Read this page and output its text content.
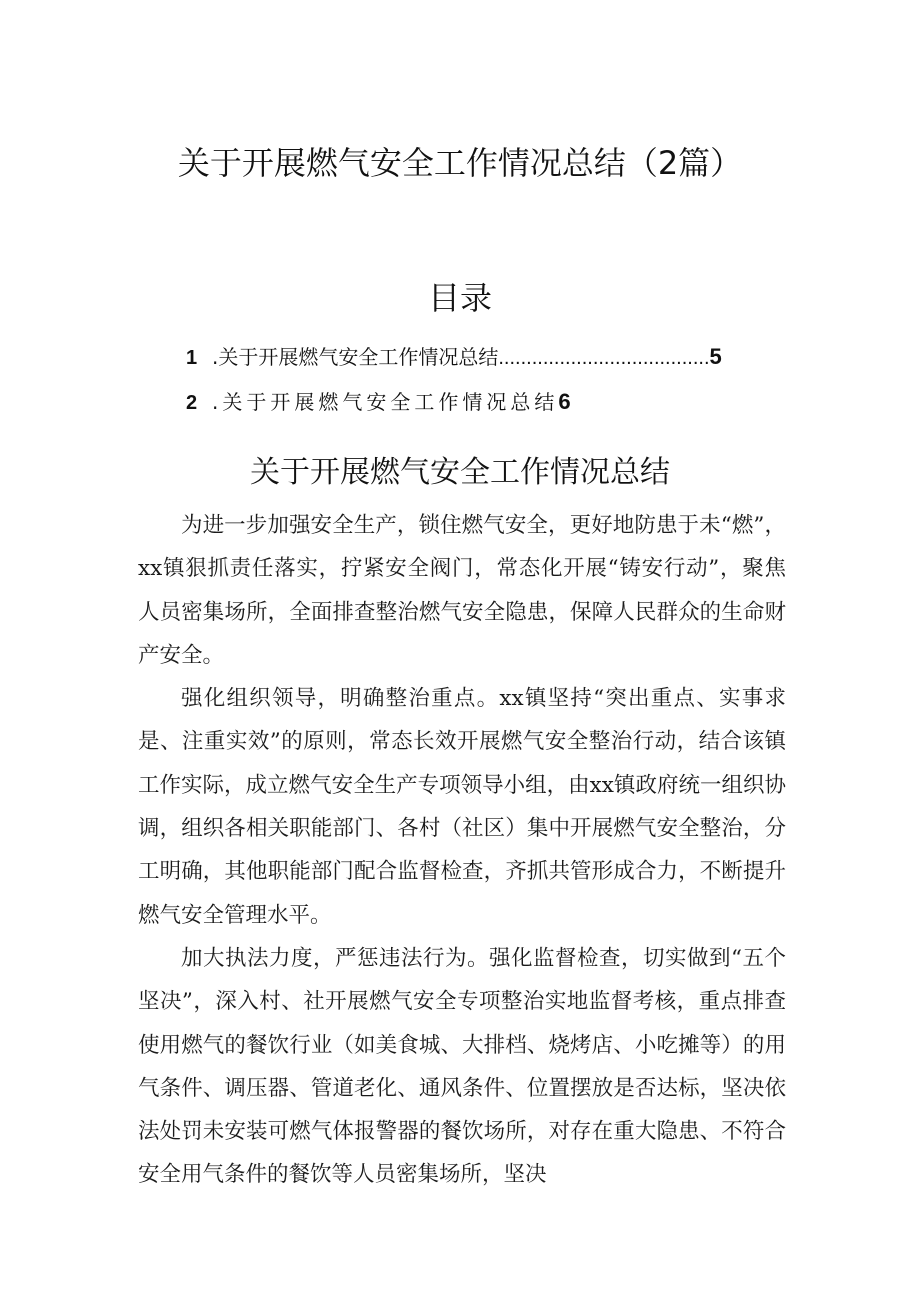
关于开展燃气安全工作情况总结（2篇）
目录
1 .关于开展燃气安全工作情况总结......................................5
2 .关于开展燃气安全工作情况总结6
关于开展燃气安全工作情况总结

为进一步加强安全生产，锁住燃气安全，更好地防患于未“燃”，xx镇狠抓责任落实，拧紧安全阀门，常态化开展“铸安行动”，聚焦人员密集场所，全面排查整治燃气安全隐患，保障人民群众的生命财产安全。

强化组织领导，明确整治重点。xx镇坚持“突出重点、实事求是、注重实效”的原则，常态长效开展燃气安全整治行动，结合该镇工作实际，成立燃气安全生产专项领导小组，由xx镇政府统一组织协调，组织各相关职能部门、各村（社区）集中开展燃气安全整治，分工明确，其他职能部门配合监督检查，齐抓共管形成合力，不断提升燃气安全管理水平。

加大执法力度，严惩违法行为。强化监督检查，切实做到“五个坚决”，深入村、社开展燃气安全专项整治实地监督考核，重点排查使用燃气的餐饮行业（如美食城、大排档、烧烤店、小吃摊等）的用气条件、调压器、管道老化、通风条件、位置摆放是否达标，坚决依法处罚未安装可燃气体报警器的餐饮场所，对存在重大隐患、不符合安全用气条件的餐饮等人员密集场所，坚决
